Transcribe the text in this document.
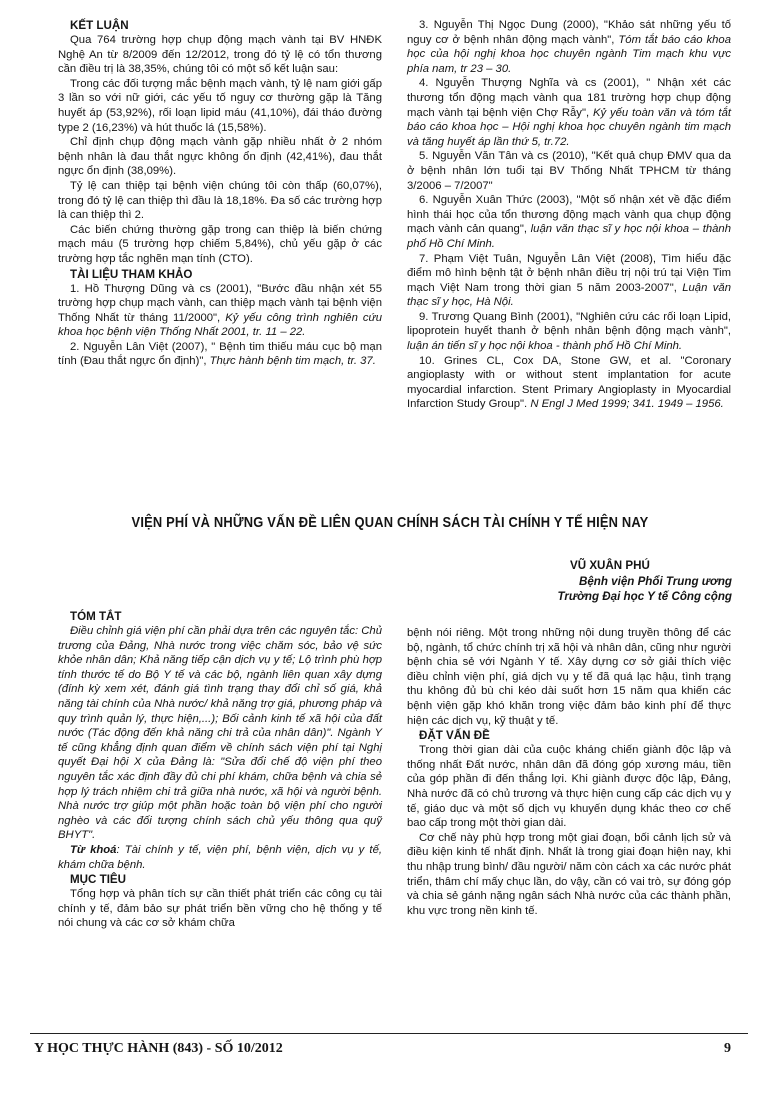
KẾT LUẬN

Qua 764 trường hợp chụp động mạch vành tại BV HNĐK Nghệ An từ 8/2009 đến 12/2012, trong đó tỷ lệ có tổn thương cần điều trị là 38,35%, chúng tôi có một số kết luận sau:

Trong các đối tượng mắc bệnh mạch vành, tỷ lệ nam giới gấp 3 lần so với nữ giới, các yếu tố nguy cơ thường gặp là Tăng huyết áp (53,92%), rối loạn lipid máu (41,10%), đái tháo đường type 2 (16,23%) và hút thuốc lá (15,58%).

Chỉ định chụp động mạch vành gặp nhiều nhất ở 2 nhóm bệnh nhân là đau thắt ngực không ổn định (42,41%), đau thắt ngực ổn định (38,09%).

Tỷ lệ can thiệp tại bệnh viện chúng tôi còn thấp (60,07%), trong đó tỷ lệ can thiệp thì đầu là 18,18%. Đa số các trường hợp là can thiệp thì 2.

Các biến chứng thường gặp trong can thiệp là biến chứng mạch máu (5 trường hợp chiếm 5,84%), chủ yếu gặp ở các trường hợp tắc nghẽn mạn tính (CTO).

TÀI LIỆU THAM KHẢO

1. Hồ Thượng Dũng và cs (2001), "Bước đầu nhận xét 55 trường hợp chụp mạch vành, can thiệp mạch vành tại bệnh viện Thống Nhất từ tháng 11/2000", Kỷ yếu công trình nghiên cứu khoa học bệnh viện Thống Nhất 2001, tr. 11 – 22.

2. Nguyễn Lân Việt (2007), " Bệnh tim thiếu máu cục bộ mạn tính (Đau thắt ngực ổn định)", Thực hành bệnh tim mạch, tr. 37.

3. Nguyễn Thị Ngọc Dung (2000), "Khảo sát những yếu tố nguy cơ ở bệnh nhân động mạch vành", Tóm tắt báo cáo khoa học của hội nghị khoa học chuyên ngành Tim mạch khu vực phía nam, tr 23 – 30.

4. Nguyễn Thượng Nghĩa và cs (2001), " Nhận xét các thương tổn động mạch vành qua 181 trường hợp chụp động mạch vành tại bệnh viện Chợ Rẫy", Kỷ yếu toàn văn và tóm tắt báo cáo khoa học – Hội nghị khoa học chuyên ngành tim mạch và tăng huyết áp lần thứ 5, tr.72.

5. Nguyễn Văn Tân và cs (2010), "Kết quả chụp ĐMV qua da ở bệnh nhân lớn tuổi tại BV Thống Nhất TPHCM từ tháng 3/2006 – 7/2007"

6. Nguyễn Xuân Thức (2003), "Một số nhận xét về đặc điểm hình thái học của tổn thương động mạch vành qua chụp động mạch vành cản quang", luận văn thạc sĩ y học nội khoa – thành phố Hồ Chí Minh.

7. Phạm Việt Tuân, Nguyễn Lân Việt (2008), Tìm hiểu đặc điểm mô hình bệnh tật ở bệnh nhân điều trị nội trú tại Viện Tim mạch Việt Nam trong thời gian 5 năm 2003-2007", Luận văn thạc sĩ y học, Hà Nội.

9. Trương Quang Bình (2001), "Nghiên cứu các rối loạn Lipid, lipoprotein huyết thanh ở bệnh nhân bệnh động mạch vành", luận án tiến sĩ y học nội khoa - thành phố Hồ Chí Minh.

10. Grines CL, Cox DA, Stone GW, et al. "Coronary angioplasty with or without stent implantation for acute myocardial infarction. Stent Primary Angioplasty in Myocardial Infarction Study Group". N Engl J Med 1999; 341. 1949 – 1956.

VIỆN PHÍ VÀ NHỮNG VẤN ĐỀ LIÊN QUAN CHÍNH SÁCH TÀI CHÍNH Y TẾ HIỆN NAY
VŨ XUÂN PHÚ
Bệnh viện Phổi Trung ương
Trường Đại học Y tế Công cộng
TÓM TẮT

Điều chỉnh giá viện phí cần phải dựa trên các nguyên tắc: Chủ trương của Đảng, Nhà nước trong việc chăm sóc, bảo vệ sức khỏe nhân dân; Khả năng tiếp cận dịch vụ y tế; Lộ trình phù hợp tính thước tế do Bộ Y tế và các bộ, ngành liên quan xây dựng (đính kỳ xem xét, đánh giá tình trạng thay đổi chỉ số giá, khả năng tài chính của Nhà nước/ khả năng trợ giá, phương pháp và quy trình quản lý, thực hiện,...); Bối cảnh kinh tế xã hội của đất nước (Tác động đến khả năng chi trả của nhân dân)". Ngành Y tế cũng khẳng định quan điểm về chính sách viện phí tại Nghị quyết Đại hội X của Đảng là: "Sửa đổi chế độ viện phí theo nguyên tắc xác định đầy đủ chi phí khám, chữa bệnh và chia sẻ hợp lý trách nhiệm chi trả giữa nhà nước, xã hội và người bệnh. Nhà nước trợ giúp một phần hoặc toàn bộ viện phí cho người nghèo và các đối tượng chính sách chủ yếu thông qua quỹ BHYT".

Từ khoá: Tài chính y tế, viện phí, bệnh viện, dịch vụ y tế, khám chữa bệnh.

MỤC TIÊU

Tổng hợp và phân tích sự cần thiết phát triển các công cụ tài chính y tế, đảm bảo sự phát triển bền vững cho hệ thống y tế nói chung và các cơ sở khám chữa

bệnh nói riêng. Một trong những nội dung truyền thông để các bộ, ngành, tổ chức chính trị xã hội và nhân dân, cũng như người bệnh chia sẻ với Ngành Y tế. Xây dựng cơ sở giải thích việc điều chỉnh viện phí, giá dịch vụ y tế đã quá lạc hậu, tình trạng thu không đủ bù chi kéo dài suốt hơn 15 năm qua khiến các bệnh viện gặp khó khăn trong việc đảm bảo kinh phí để thực hiện các dịch vụ, kỹ thuật y tế.

ĐẶT VẤN ĐỀ

Trong thời gian dài của cuộc kháng chiến giành độc lập và thống nhất Đất nước, nhân dân đã đóng góp xương máu, tiền của góp phần đi đến thắng lợi. Khi giành được độc lập, Đảng, Nhà nước đã có chủ trương và thực hiện cung cấp các dịch vụ y tế, giáo dục và một số dịch vụ khuyến dụng khác theo cơ chế bao cấp trong một thời gian dài.

Cơ chế này phù hợp trong một giai đoạn, bối cảnh lịch sử và điều kiện kinh tế nhất định. Nhất là trong giai đoạn hiện nay, khi thu nhập trung bình/ đầu người/ năm còn cách xa các nước phát triển, thâm chí mấy chục lần, do vậy, cần có vai trò, sự đóng góp và chia sẻ gánh nặng ngân sách Nhà nước của các thành phần, khu vực trong nền kinh tế.

Y HỌC THỰC HÀNH (843) - SỐ 10/2012	9
